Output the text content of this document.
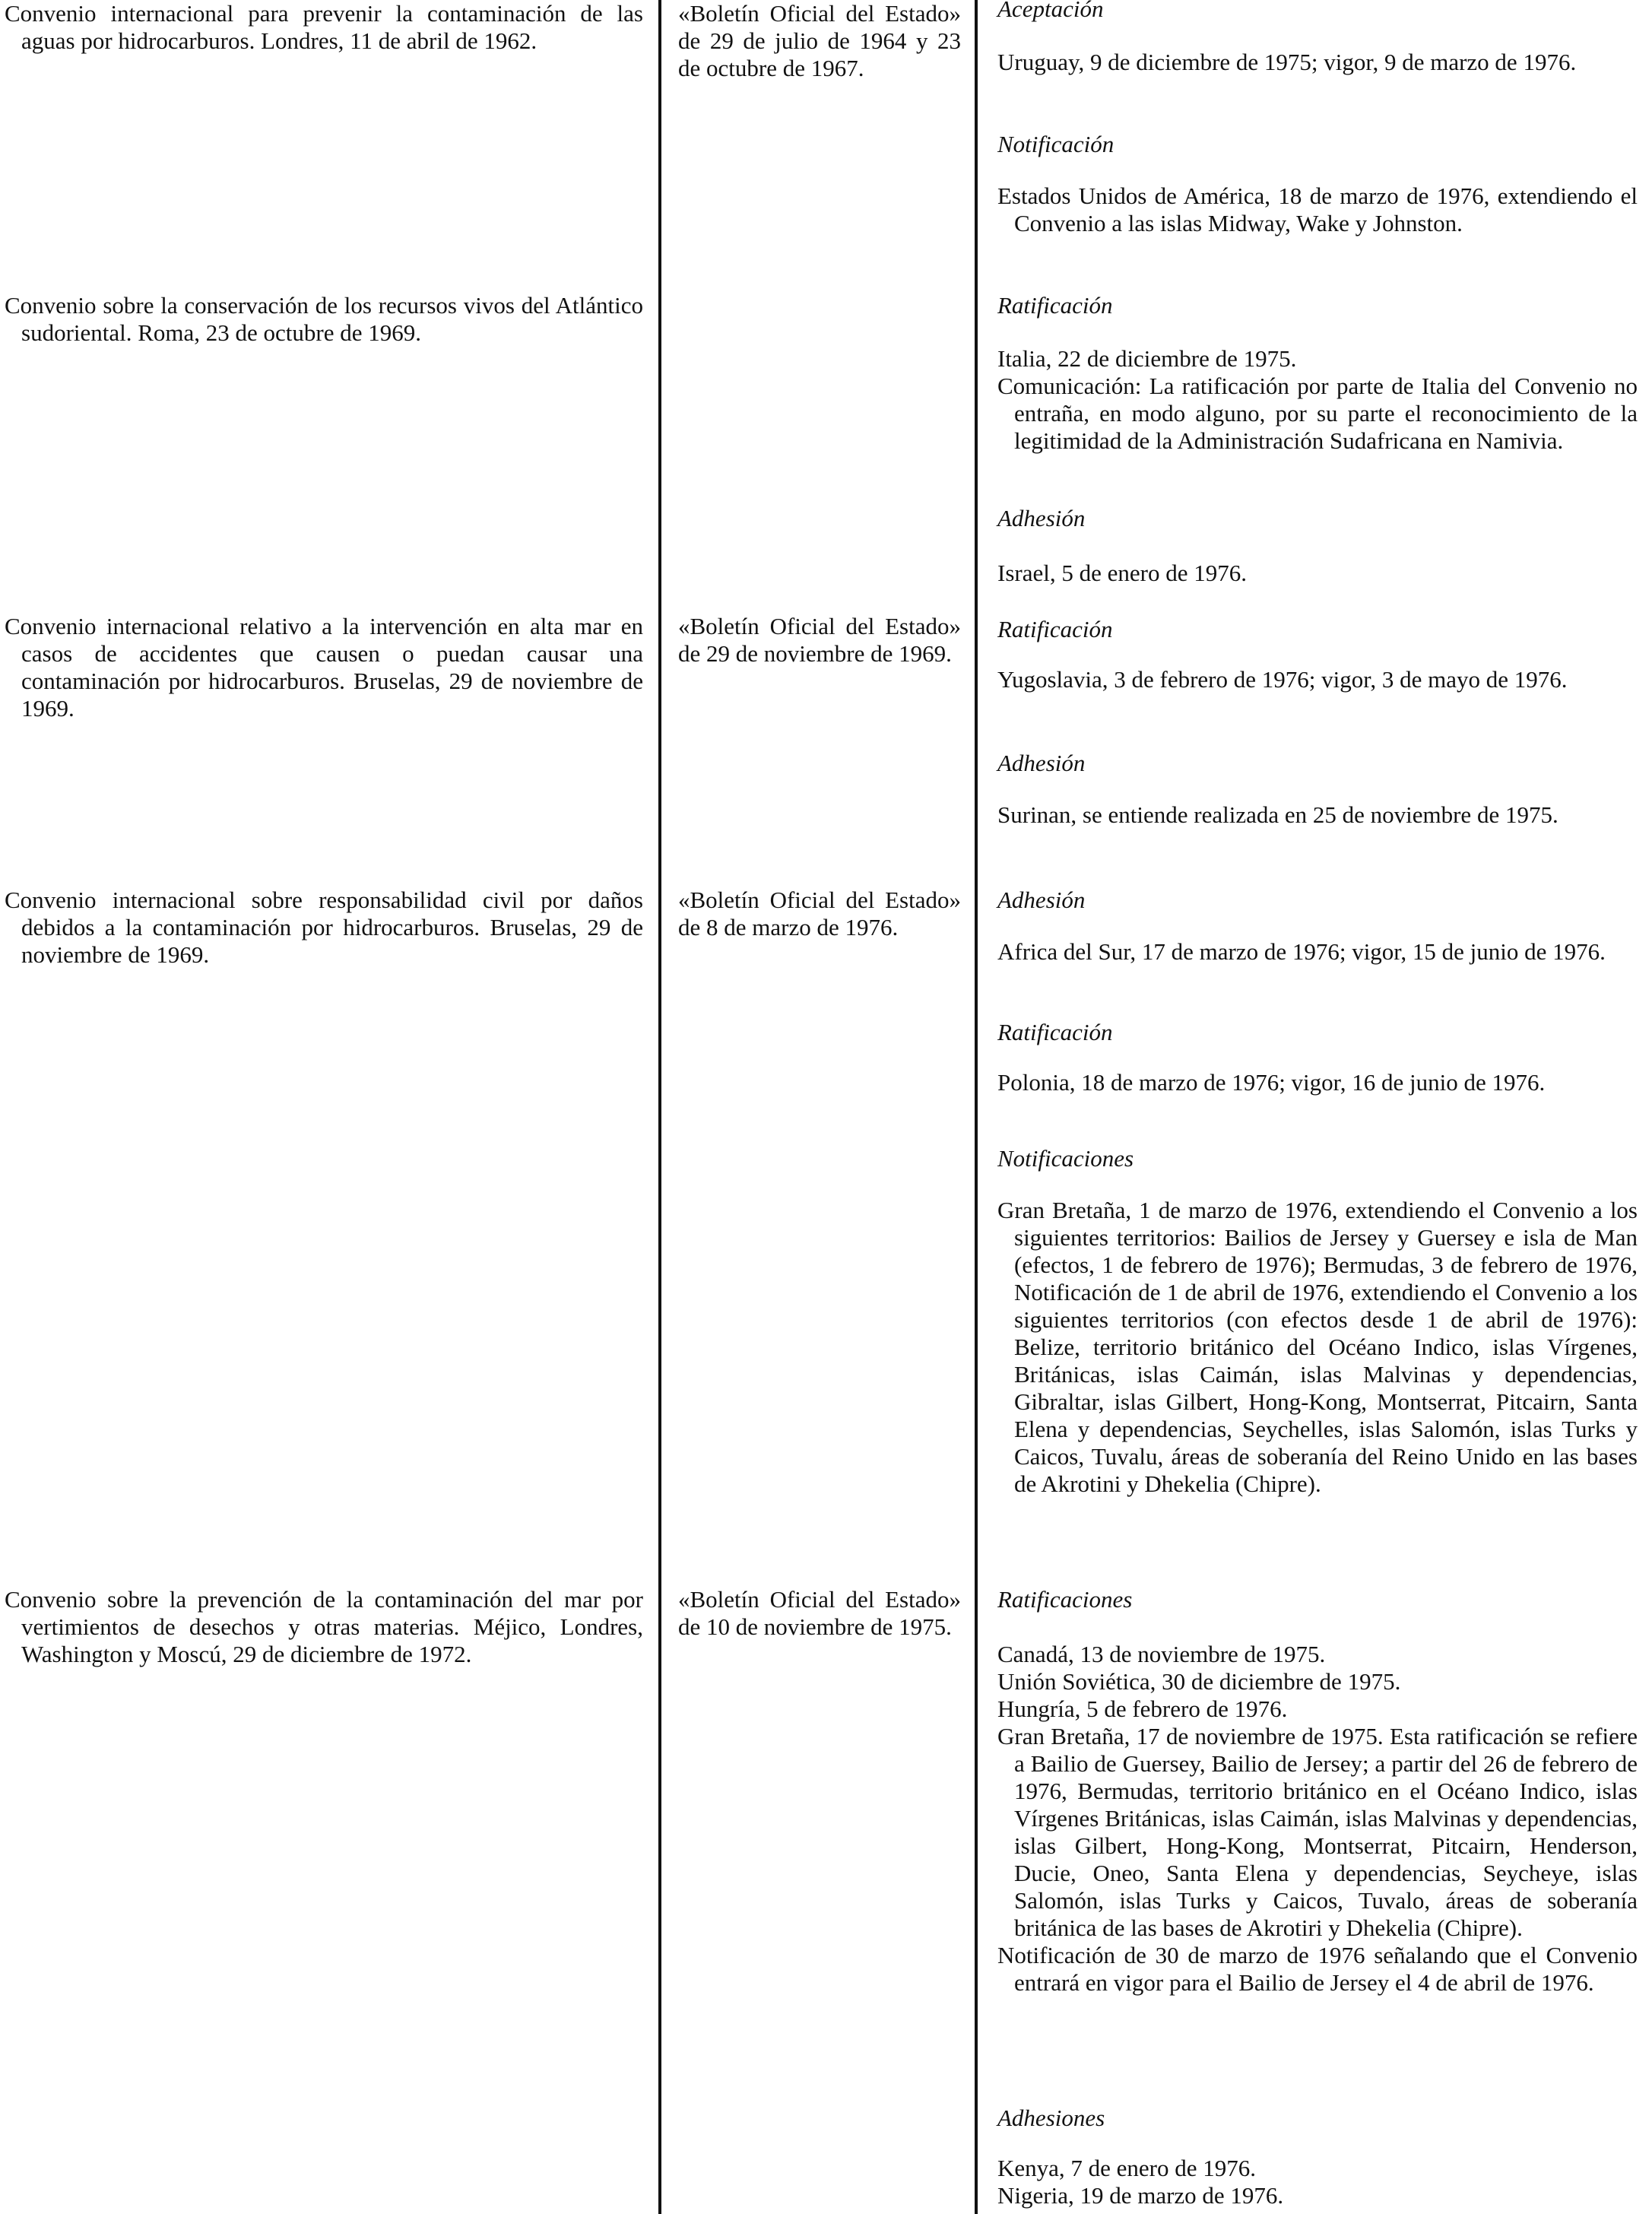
Convenio internacional para prevenir la contaminación de las aguas por hidrocarburos. Londres, 11 de abril de 1962.

Convenio sobre la conservación de los recursos vivos del Atlántico sudoriental. Roma, 23 de octubre de 1969.

Convenio internacional relativo a la intervención en alta mar en casos de accidentes que causen o puedan causar una contaminación por hidrocarburos. Bruselas, 29 de noviembre de 1969.

Convenio internacional sobre responsabilidad civil por daños debidos a la contaminación por hidrocarburos. Bruselas, 29 de noviembre de 1969.

Convenio sobre la prevención de la contaminación del mar por vertimientos de desechos y otras materias. Méjico, Londres, Washington y Moscú, 29 de diciembre de 1972.

«Boletín Oficial del Estado» de 29 de julio de 1964 y 23 de octubre de 1967.

«Boletín Oficial del Estado» de 29 de noviembre de 1969.

«Boletín Oficial del Estado» de 8 de marzo de 1976.

«Boletín Oficial del Estado» de 10 de noviembre de 1975.

Aceptación

Uruguay, 9 de diciembre de 1975; vigor, 9 de marzo de 1976.

Notificación

Estados Unidos de América, 18 de marzo de 1976, extendiendo el Convenio a las islas Midway, Wake y Johnston.

Ratificación

Italia, 22 de diciembre de 1975.
Comunicación: La ratificación por parte de Italia del Convenio no entraña, en modo alguno, por su parte el reconocimiento de la legitimidad de la Administración Sudafricana en Namivia.

Adhesión

Israel, 5 de enero de 1976.

Ratificación

Yugoslavia, 3 de febrero de 1976; vigor, 3 de mayo de 1976.

Adhesión

Surinan, se entiende realizada en 25 de noviembre de 1975.

Adhesión

Africa del Sur, 17 de marzo de 1976; vigor, 15 de junio de 1976.

Ratificación

Polonia, 18 de marzo de 1976; vigor, 16 de junio de 1976.

Notificaciones

Gran Bretaña, 1 de marzo de 1976, extendiendo el Convenio a los siguientes territorios: Bailios de Jersey y Guersey e isla de Man (efectos, 1 de febrero de 1976); Bermudas, 3 de febrero de 1976, Notificación de 1 de abril de 1976, extendiendo el Convenio a los siguientes territorios (con efectos desde 1 de abril de 1976): Belize, territorio británico del Océano Indico, islas Vírgenes, Británicas, islas Caimán, islas Malvinas y dependencias, Gibraltar, islas Gilbert, Hong-Kong, Montserrat, Pitcairn, Santa Elena y dependencias, Seychelles, islas Salomón, islas Turks y Caicos, Tuvalu, áreas de soberanía del Reino Unido en las bases de Akrotini y Dhekelia (Chipre).

Ratificaciones

Canadá, 13 de noviembre de 1975.
Unión Soviética, 30 de diciembre de 1975.
Hungría, 5 de febrero de 1976.
Gran Bretaña, 17 de noviembre de 1975. Esta ratificación se refiere a Bailio de Guersey, Bailio de Jersey; a partir del 26 de febrero de 1976, Bermudas, territorio británico en el Océano Indico, islas Vírgenes Británicas, islas Caimán, islas Malvinas y dependencias, islas Gilbert, Hong-Kong, Montserrat, Pitcairn, Henderson, Ducie, Oneo, Santa Elena y dependencias, Seycheye, islas Salomón, islas Turks y Caicos, Tuvalo, áreas de soberanía británica de las bases de Akrotiri y Dhekelia (Chipre).
Notificación de 30 de marzo de 1976 señalando que el Convenio entrará en vigor para el Bailio de Jersey el 4 de abril de 1976.

Adhesiones

Kenya, 7 de enero de 1976.
Nigeria, 19 de marzo de 1976.
